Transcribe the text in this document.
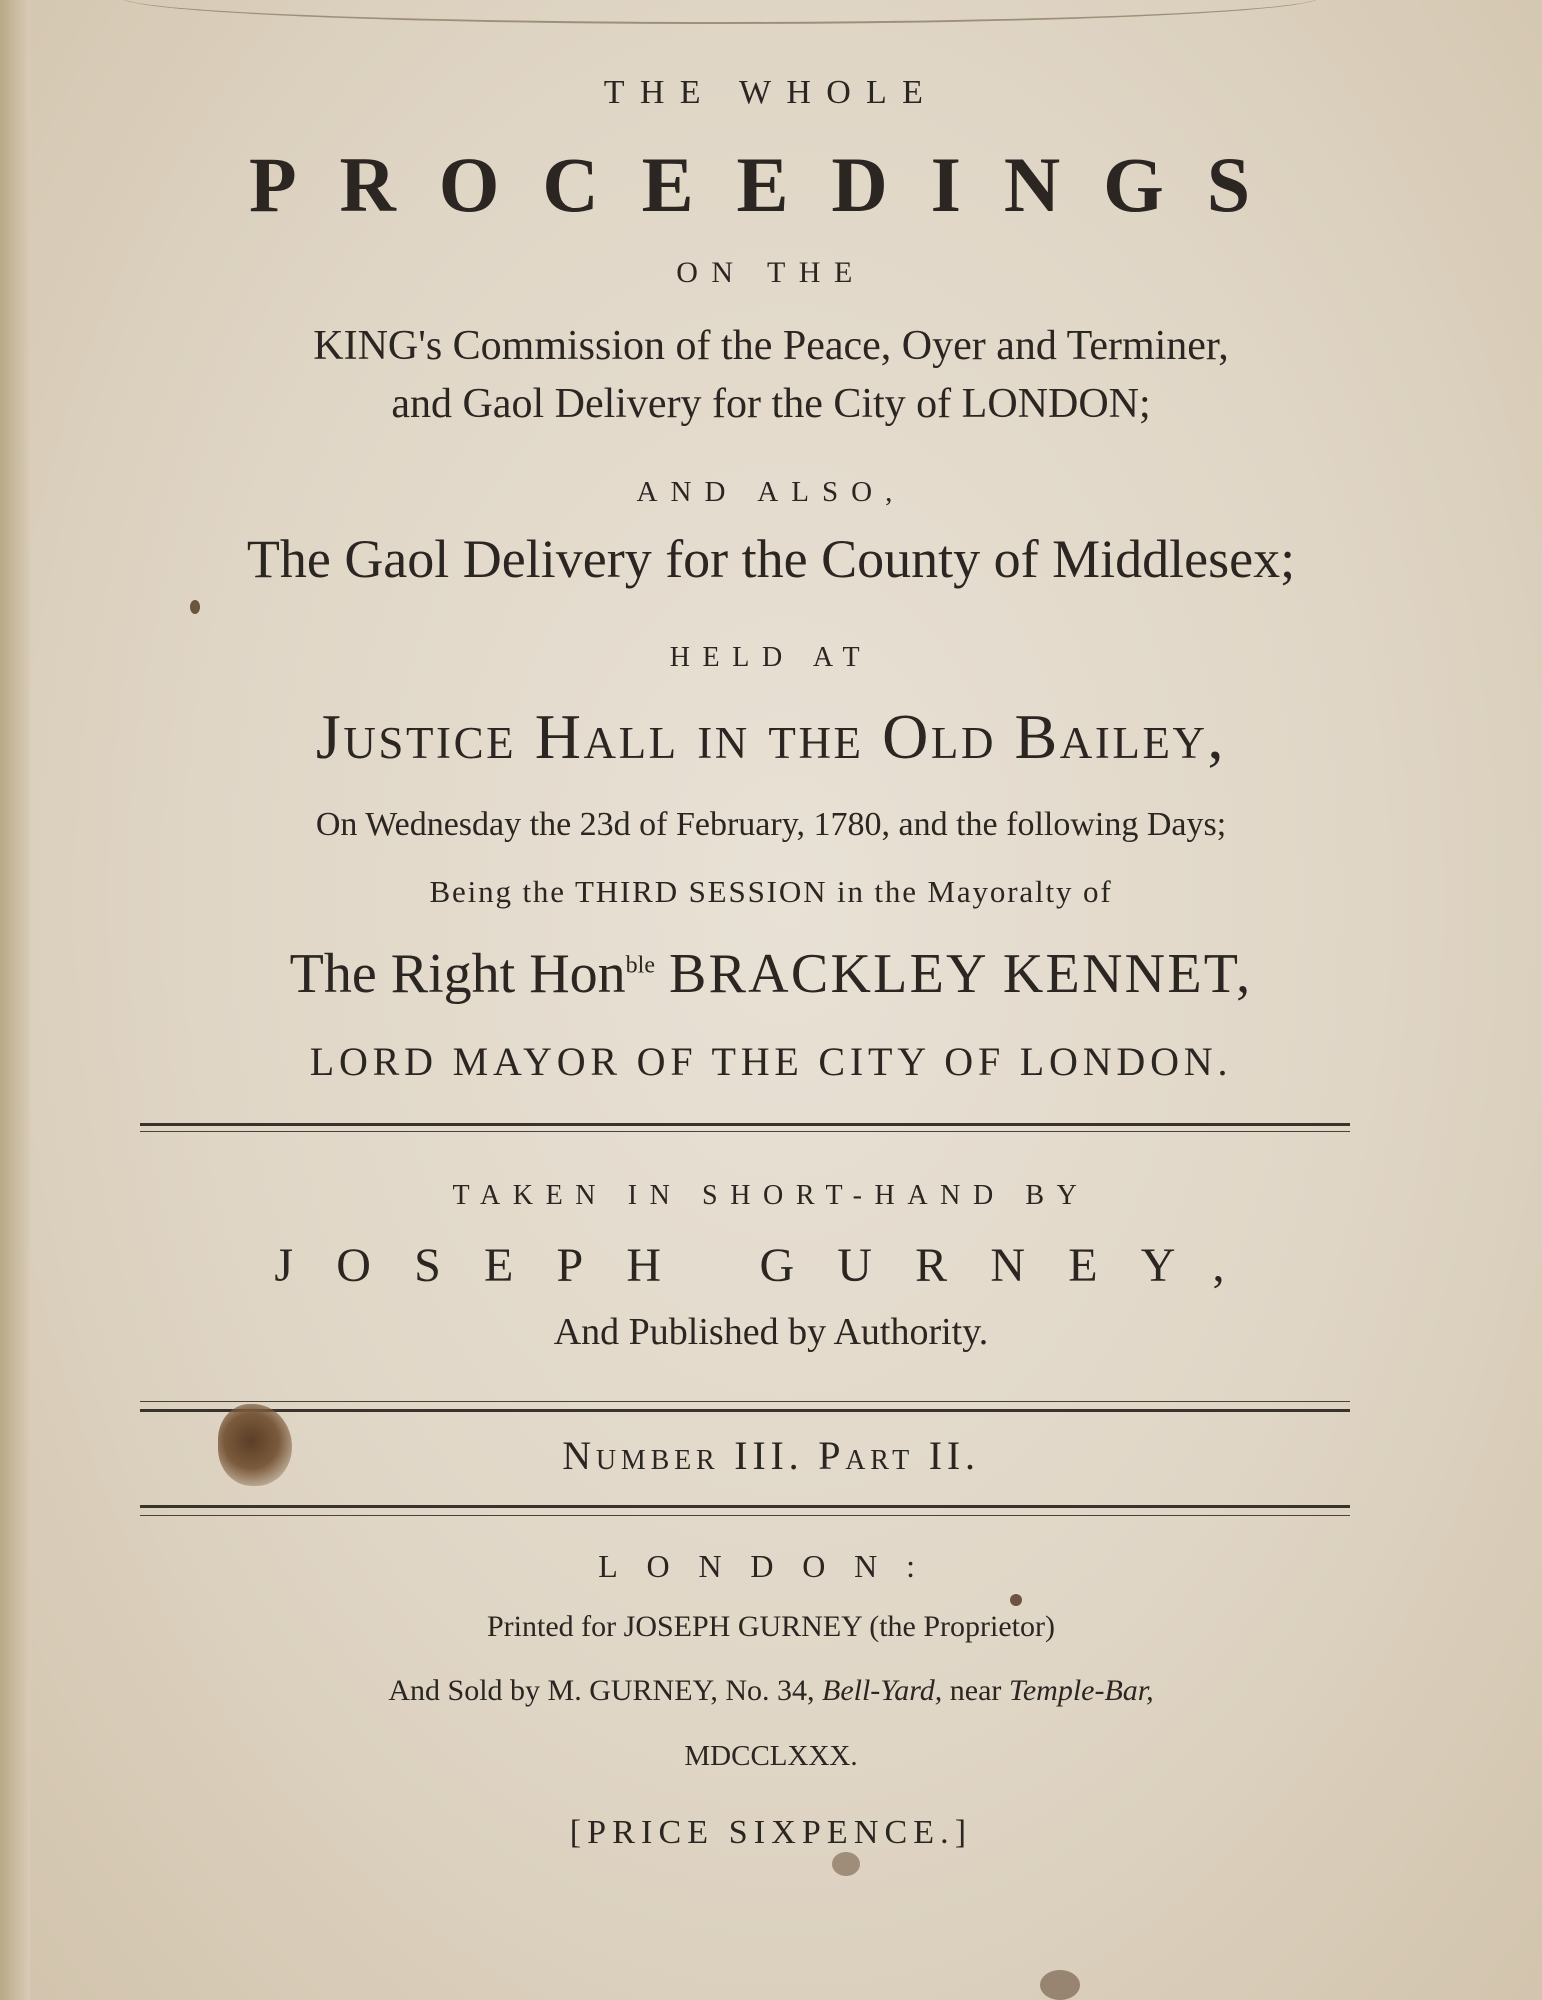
THE WHOLE
PROCEEDINGS
ON THE
KING's Commission of the Peace, Oyer and Terminer,
and Gaol Delivery for the City of LONDON;
AND ALSO,
The Gaol Delivery for the County of Middlesex;
HELD AT
Justice Hall in the Old Bailey,
On Wednesday the 23d of February, 1780, and the following Days;
Being the THIRD SESSION in the Mayoralty of
The Right Hon$^{ble}$ BRACKLEY KENNET,
LORD MAYOR OF THE CITY OF LONDON.
TAKEN IN SHORT-HAND BY
JOSEPH GURNEY,
And Published by Authority.
Number III. Part II.
LONDON:
Printed for JOSEPH GURNEY (the Proprietor)
And Sold by M. GURNEY, No. 34, Bell-Yard, near Temple-Bar,
MDCCLXXX.
[PRICE SIXPENCE.]
